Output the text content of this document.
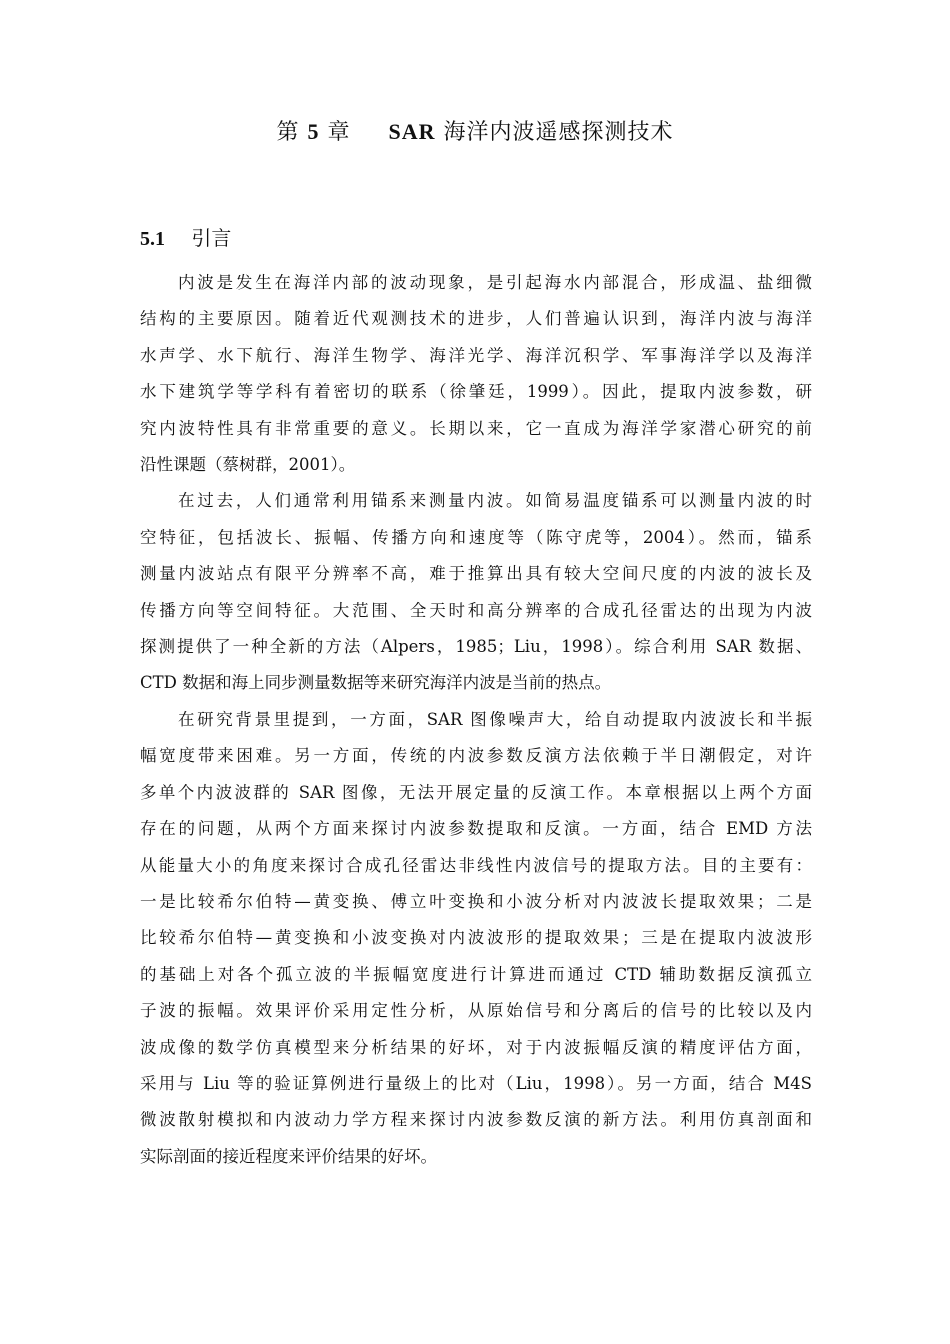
第 5 章 SAR 海洋内波遥感探测技术
5.1 引言
内波是发生在海洋内部的波动现象，是引起海水内部混合，形成温、盐细微
结构的主要原因。随着近代观测技术的进步，人们普遍认识到，海洋内波与海洋
水声学、水下航行、海洋生物学、海洋光学、海洋沉积学、军事海洋学以及海洋
水下建筑学等学科有着密切的联系（徐肇廷，1999）。因此，提取内波参数，研
究内波特性具有非常重要的意义。长期以来，它一直成为海洋学家潜心研究的前
沿性课题（蔡树群，2001）。
在过去，人们通常利用锚系来测量内波。如简易温度锚系可以测量内波的时
空特征，包括波长、振幅、传播方向和速度等（陈守虎等，2004）。然而，锚系
测量内波站点有限平分辨率不高，难于推算出具有较大空间尺度的内波的波长及
传播方向等空间特征。大范围、全天时和高分辨率的合成孔径雷达的出现为内波
探测提供了一种全新的方法（Alpers，1985；Liu，1998）。综合利用 SAR 数据、
CTD 数据和海上同步测量数据等来研究海洋内波是当前的热点。
在研究背景里提到，一方面，SAR 图像噪声大，给自动提取内波波长和半振
幅宽度带来困难。另一方面，传统的内波参数反演方法依赖于半日潮假定，对许
多单个内波波群的 SAR 图像，无法开展定量的反演工作。本章根据以上两个方面
存在的问题，从两个方面来探讨内波参数提取和反演。一方面，结合 EMD 方法
从能量大小的角度来探讨合成孔径雷达非线性内波信号的提取方法。目的主要有：
一是比较希尔伯特—黄变换、傅立叶变换和小波分析对内波波长提取效果；二是
比较希尔伯特—黄变换和小波变换对内波波形的提取效果；三是在提取内波波形
的基础上对各个孤立波的半振幅宽度进行计算进而通过 CTD 辅助数据反演孤立
子波的振幅。效果评价采用定性分析，从原始信号和分离后的信号的比较以及内
波成像的数学仿真模型来分析结果的好坏，对于内波振幅反演的精度评估方面，
采用与 Liu 等的验证算例进行量级上的比对（Liu，1998）。另一方面，结合 M4S
微波散射模拟和内波动力学方程来探讨内波参数反演的新方法。利用仿真剖面和
实际剖面的接近程度来评价结果的好坏。
